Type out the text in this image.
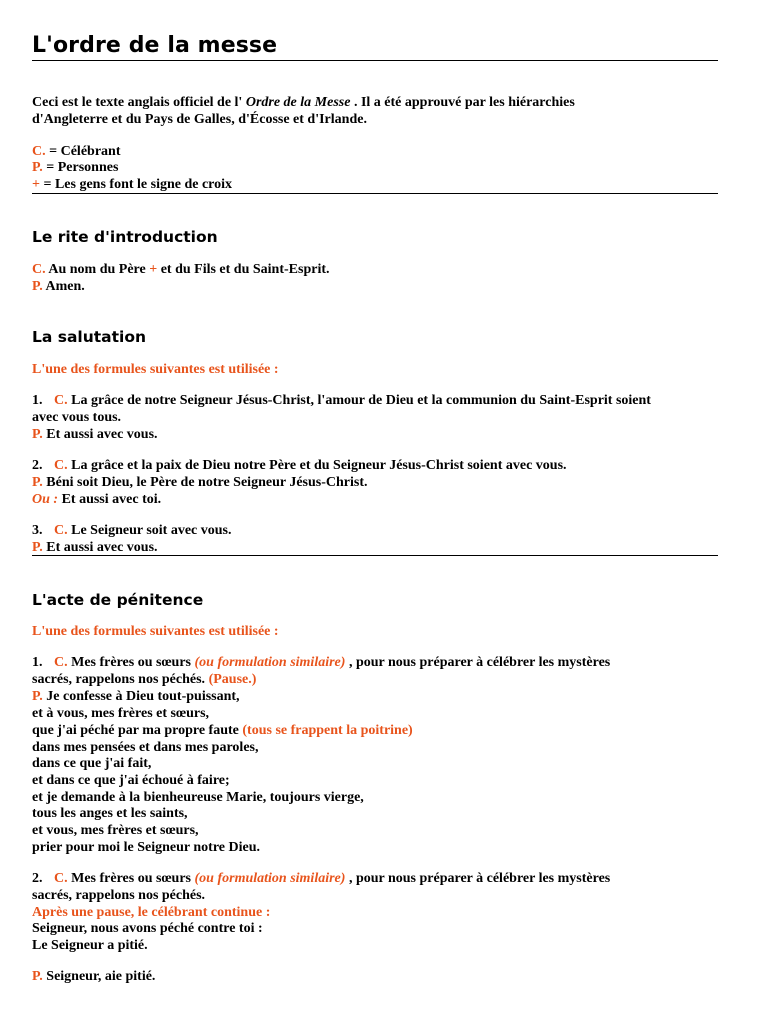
L'ordre de la messe
Ceci est le texte anglais officiel de l' Ordre de la Messe . Il a été approuvé par les hiérarchies
d'Angleterre et du Pays de Galles, d'Écosse et d'Irlande.
C. = Célébrant
P. = Personnes
+ = Les gens font le signe de croix
Le rite d'introduction
C. Au nom du Père + et du Fils et du Saint-Esprit.
P. Amen.
La salutation
L'une des formules suivantes est utilisée :
1. C. La grâce de notre Seigneur Jésus-Christ, l'amour de Dieu et la communion du Saint-Esprit soient
avec vous tous.
P. Et aussi avec vous.
2. C. La grâce et la paix de Dieu notre Père et du Seigneur Jésus-Christ soient avec vous.
P. Béni soit Dieu, le Père de notre Seigneur Jésus-Christ.
Ou : Et aussi avec toi.
3. C. Le Seigneur soit avec vous.
P. Et aussi avec vous.
L'acte de pénitence
L'une des formules suivantes est utilisée :
1. C. Mes frères ou sœurs (ou formulation similaire) , pour nous préparer à célébrer les mystères
sacrés, rappelons nos péchés. (Pause.)
P. Je confesse à Dieu tout-puissant,
et à vous, mes frères et sœurs,
que j'ai péché par ma propre faute (tous se frappent la poitrine)
dans mes pensées et dans mes paroles,
dans ce que j'ai fait,
et dans ce que j'ai échoué à faire;
et je demande à la bienheureuse Marie, toujours vierge,
tous les anges et les saints,
et vous, mes frères et sœurs,
prier pour moi le Seigneur notre Dieu.
2. C. Mes frères ou sœurs (ou formulation similaire) , pour nous préparer à célébrer les mystères
sacrés, rappelons nos péchés.
Après une pause, le célébrant continue :
Seigneur, nous avons péché contre toi :
Le Seigneur a pitié.
P. Seigneur, aie pitié.
